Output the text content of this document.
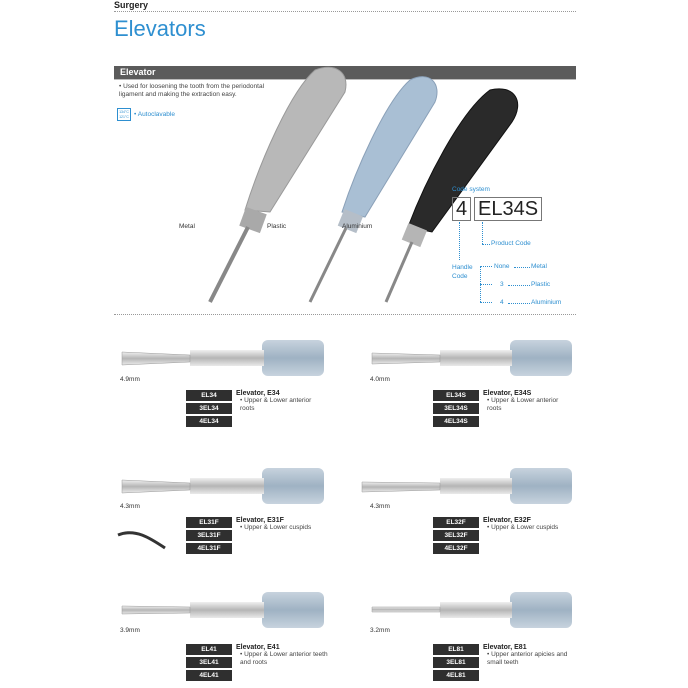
Surgery
Elevators
Elevator
• Used for loosening the tooth from the periodontal ligament and making the extraction easy.
134°C 121°C • Autoclavable
Metal	Plastic	Aluminium
Code system
4 EL34S
Product Code
Handle Code
None	Metal
3	Plastic
4	Aluminium
4.9mm
EL34
3EL34
4EL34
Elevator, E34
• Upper & Lower anterior roots
4.0mm
EL34S
3EL34S
4EL34S
Elevator, E34S
• Upper & Lower anterior roots
4.3mm
EL31F
3EL31F
4EL31F
Elevator, E31F
• Upper & Lower cuspids
4.3mm
EL32F
3EL32F
4EL32F
Elevator, E32F
• Upper & Lower cuspids
3.9mm
EL41
3EL41
4EL41
Elevator, E41
• Upper & Lower anterior teeth and roots
3.2mm
EL81
3EL81
4EL81
Elevator, E81
• Upper anterior apicies and small teeth
